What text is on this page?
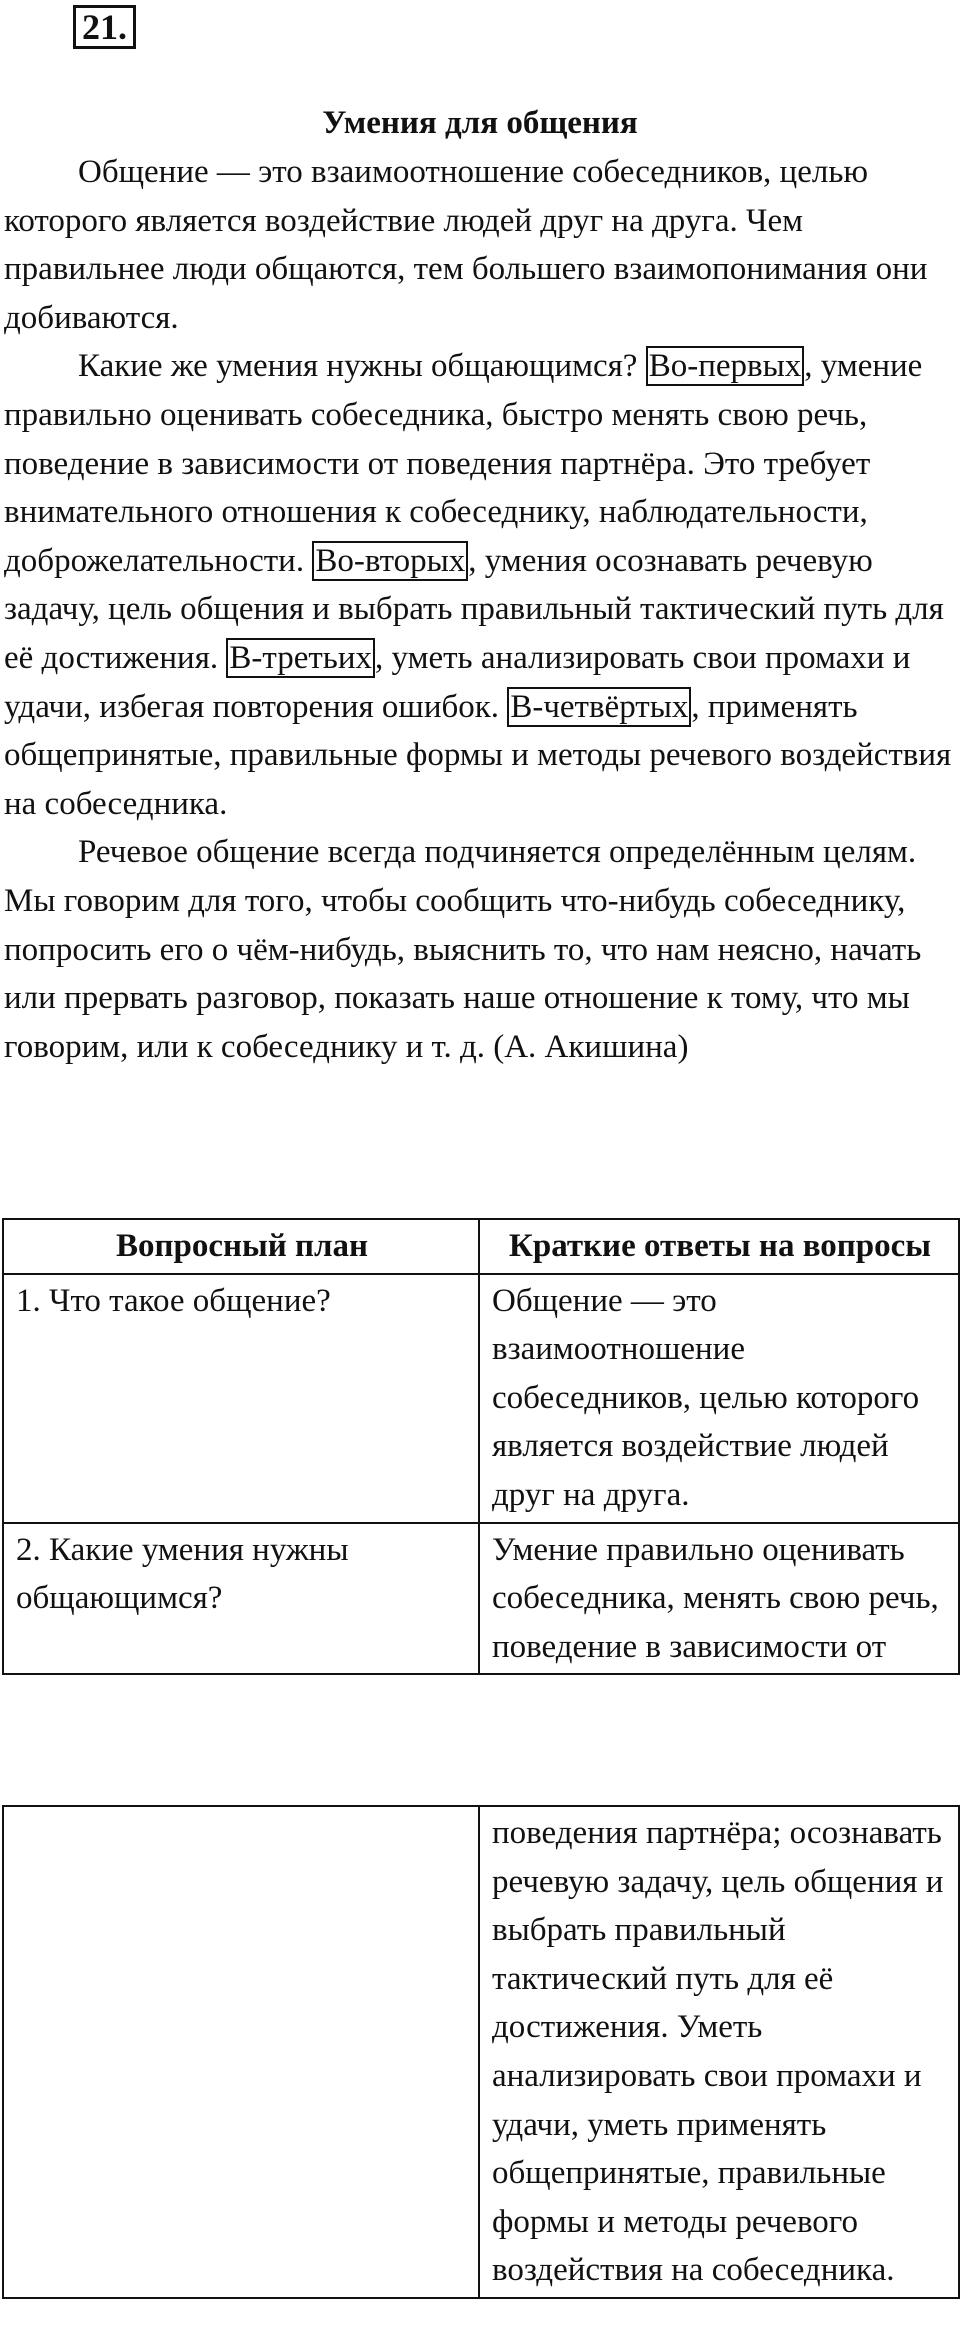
21.
Умения для общения

Общение — это взаимоотношение собеседников, целью которого является воздействие людей друг на друга. Чем правильнее люди общаются, тем большего взаимопонимания они добиваются.

Какие же умения нужны общающимся? Во-первых, умение правильно оценивать собеседника, быстро менять свою речь, поведение в зависимости от поведения партнёра. Это требует внимательного отношения к собеседнику, наблюдательности, доброжелательности. Во-вторых, умения осознавать речевую задачу, цель общения и выбрать правильный тактический путь для её достижения. В-третьих, уметь анализировать свои промахи и удачи, избегая повторения ошибок. В-четвёртых, применять общепринятые, правильные формы и методы речевого воздействия на собеседника.

Речевое общение всегда подчиняется определённым целям. Мы говорим для того, чтобы сообщить что-нибудь собеседнику, попросить его о чём-нибудь, выяснить то, что нам неясно, начать или прервать разговор, показать наше отношение к тому, что мы говорим, или к собеседнику и т. д. (А. Акишина)

Вопросный план	Краткие ответы на вопросы
1. Что такое общение?	Общение — это взаимоотношение собеседников, целью которого является воздействие людей друг на друга.
2. Какие умения нужны общающимся?	Умение правильно оценивать собеседника, менять свою речь, поведение в зависимости от
	поведения партнёра; осознавать речевую задачу, цель общения и выбрать правильный тактический путь для её достижения. Уметь анализировать свои промахи и удачи, уметь применять общепринятые, правильные формы и методы речевого воздействия на собеседника.
